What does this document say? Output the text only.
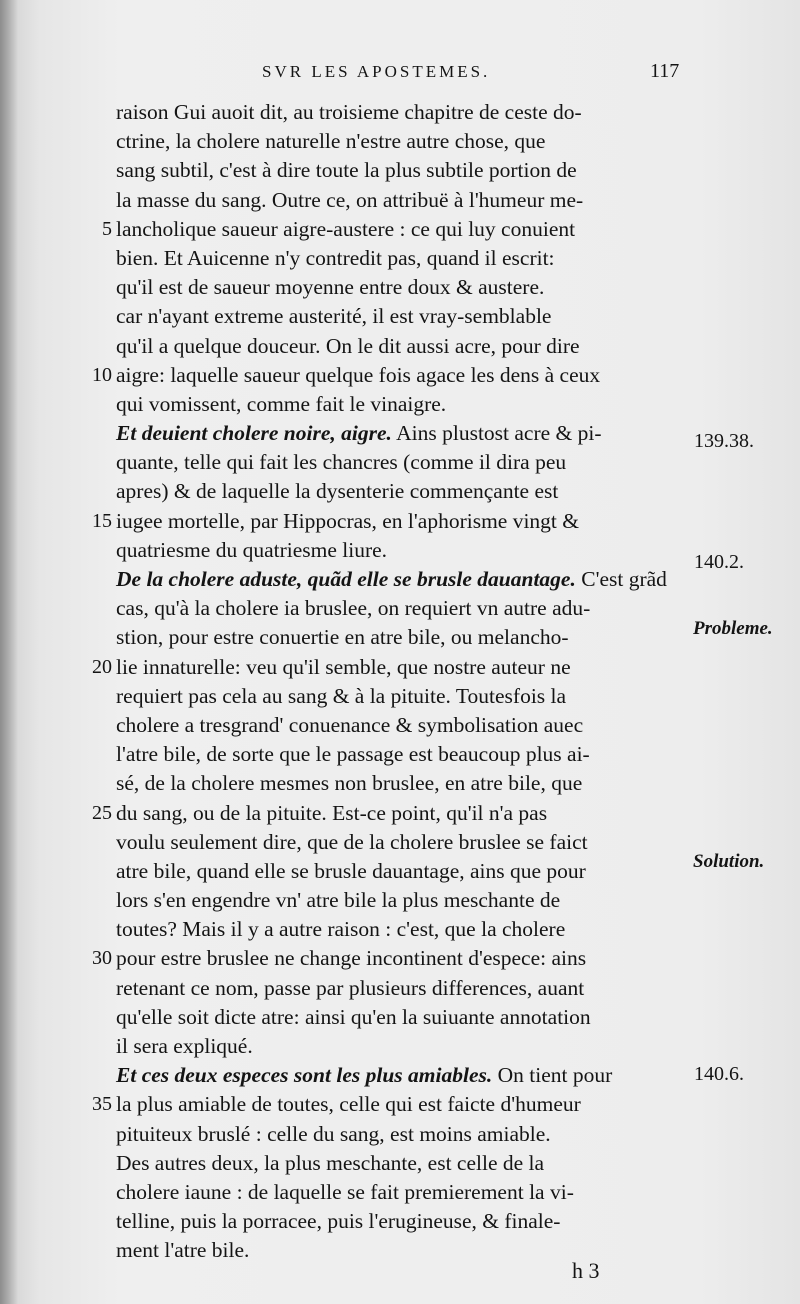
SVR LES APOSTEMES.	117
raison Gui auoit dit, au troisieme chapitre de ceste do-
ctrine, la cholere naturelle n'estre autre chose, que
sang subtil, c'est à dire toute la plus subtile portion de
la masse du sang. Outre ce, on attribuë à l'humeur me-
5 lancholique saueur aigre-austere : ce qui luy conuient
bien. Et Auicenne n'y contredit pas, quand il escrit:
qu'il est de saueur moyenne entre doux & austere.
car n'ayant extreme austerité, il est vray-semblable
qu'il a quelque douceur. On le dit aussi acre, pour dire
10 aigre: laquelle saueur quelque fois agace les dens à ceux
qui vomissent, comme fait le vinaigre.
Et deuient cholere noire, aigre. Ains plustost acre & pi-
quante, telle qui fait les chancres (comme il dira peu
apres) & de laquelle la dysenterie commençante est
15 iugee mortelle, par Hippocras, en l'aphorisme vingt &
quatriesme du quatriesme liure.
De la cholere aduste, quãd elle se brusle dauantage. C'est grãd
cas, qu'à la cholere ia bruslee, on requiert vn autre adu-
stion, pour estre conuertie en atre bile, ou melancho-
20 lie innaturelle: veu qu'il semble, que nostre auteur ne
requiert pas cela au sang & à la pituite. Toutesfois la
cholere a tresgrand' conuenance & symbolisation auec
l'atre bile, de sorte que le passage est beaucoup plus ai-
sé, de la cholere mesmes non bruslee, en atre bile, que
25 du sang, ou de la pituite. Est-ce point, qu'il n'a pas
voulu seulement dire, que de la cholere bruslee se faict
atre bile, quand elle se brusle dauantage, ains que pour
lors s'en engendre vn' atre bile la plus meschante de
toutes? Mais il y a autre raison : c'est, que la cholere
30 pour estre bruslee ne change incontinent d'espece: ains
retenant ce nom, passe par plusieurs differences, auant
qu'elle soit dicte atre: ainsi qu'en la suiuante annotation
il sera expliqué.
Et ces deux especes sont les plus amiables. On tient pour
35 la plus amiable de toutes, celle qui est faicte d'humeur
pituiteux bruslé : celle du sang, est moins amiable.
Des autres deux, la plus meschante, est celle de la
cholere iaune : de laquelle se fait premierement la vi-
telline, puis la porracee, puis l'erugineuse, & finale-
ment l'atre bile.
139.38.
140.2.
Probleme.
Solution.
140.6.
h 3
